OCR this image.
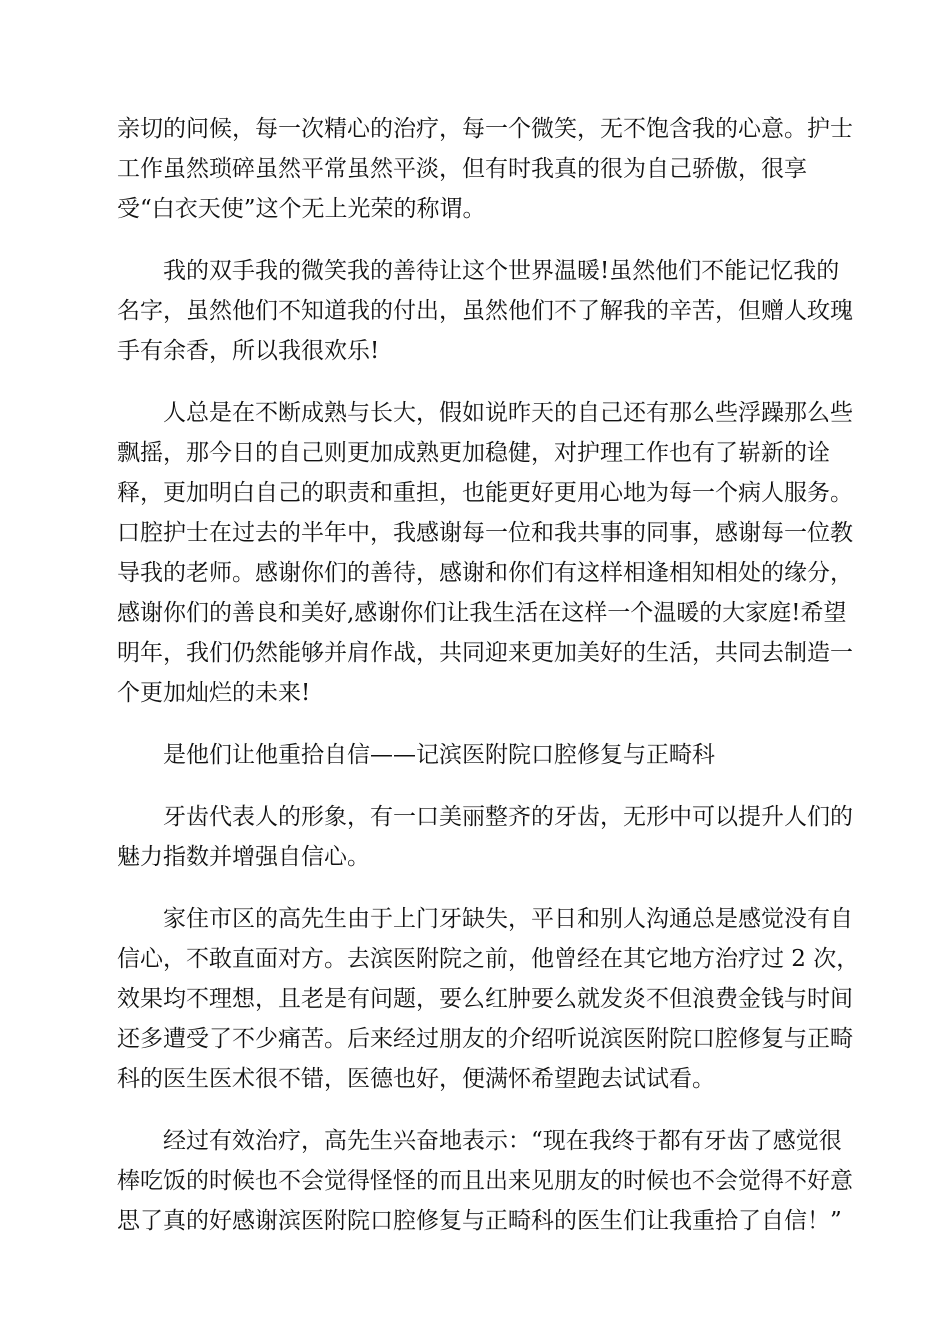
亲切的问候，每一次精心的治疗，每一个微笑，无不饱含我的心意。护士
工作虽然琐碎虽然平常虽然平淡，但有时我真的很为自己骄傲，很享
受“白衣天使”这个无上光荣的称谓。

我的双手我的微笑我的善待让这个世界温暖!虽然他们不能记忆我的
名字，虽然他们不知道我的付出，虽然他们不了解我的辛苦，但赠人玫瑰
手有余香，所以我很欢乐!

人总是在不断成熟与长大，假如说昨天的自己还有那么些浮躁那么些
飘摇，那今日的自己则更加成熟更加稳健，对护理工作也有了崭新的诠
释，更加明白自己的职责和重担，也能更好更用心地为每一个病人服务。
口腔护士在过去的半年中，我感谢每一位和我共事的同事，感谢每一位教
导我的老师。感谢你们的善待，感谢和你们有这样相逢相知相处的缘分，
感谢你们的善良和美好,感谢你们让我生活在这样一个温暖的大家庭!希望
明年，我们仍然能够并肩作战，共同迎来更加美好的生活，共同去制造一
个更加灿烂的未来!

是他们让他重拾自信——记滨医附院口腔修复与正畸科

牙齿代表人的形象，有一口美丽整齐的牙齿，无形中可以提升人们的
魅力指数并增强自信心。

家住市区的高先生由于上门牙缺失，平日和别人沟通总是感觉没有自
信心，不敢直面对方。去滨医附院之前，他曾经在其它地方治疗过 2 次，
效果均不理想，且老是有问题，要么红肿要么就发炎不但浪费金钱与时间
还多遭受了不少痛苦。后来经过朋友的介绍听说滨医附院口腔修复与正畸
科的医生医术很不错，医德也好，便满怀希望跑去试试看。

经过有效治疗，高先生兴奋地表示：“现在我终于都有牙齿了感觉很
棒吃饭的时候也不会觉得怪怪的而且出来见朋友的时候也不会觉得不好意
思了真的好感谢滨医附院口腔修复与正畸科的医生们让我重拾了自信！”
